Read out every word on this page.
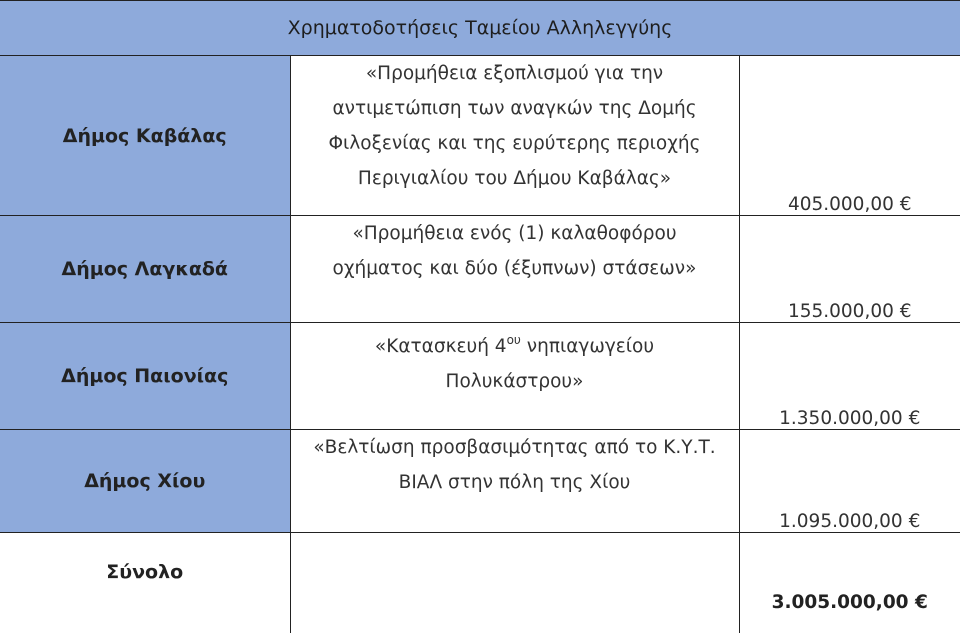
Χρηματοδοτήσεις Ταμείου Αλληλεγγύης		
Δήμος Καβάλας	«Προμήθεια εξοπλισμού για την
αντιμετώπιση των αναγκών της Δομής
Φιλοξενίας και της ευρύτερης περιοχής
Περιγιαλίου του Δήμου Καβάλας»	405.000,00 €
Δήμος Λαγκαδά	«Προμήθεια ενός (1) καλαθοφόρου
οχήματος και δύο (έξυπνων) στάσεων»	155.000,00 €
Δήμος Παιονίας	«Κατασκευή $4^{o\upsilon}$ νηπιαγωγείου
Πολυκάστρου»	1.350.000,00 €
Δήμος Χίου	«Βελτίωση προσβασιμότητας από το Κ.Υ.Τ.
ΒΙΑΛ στην πόλη της Χίου	1.095.000,00 €
Σύνολο		3.005.000,00 €
